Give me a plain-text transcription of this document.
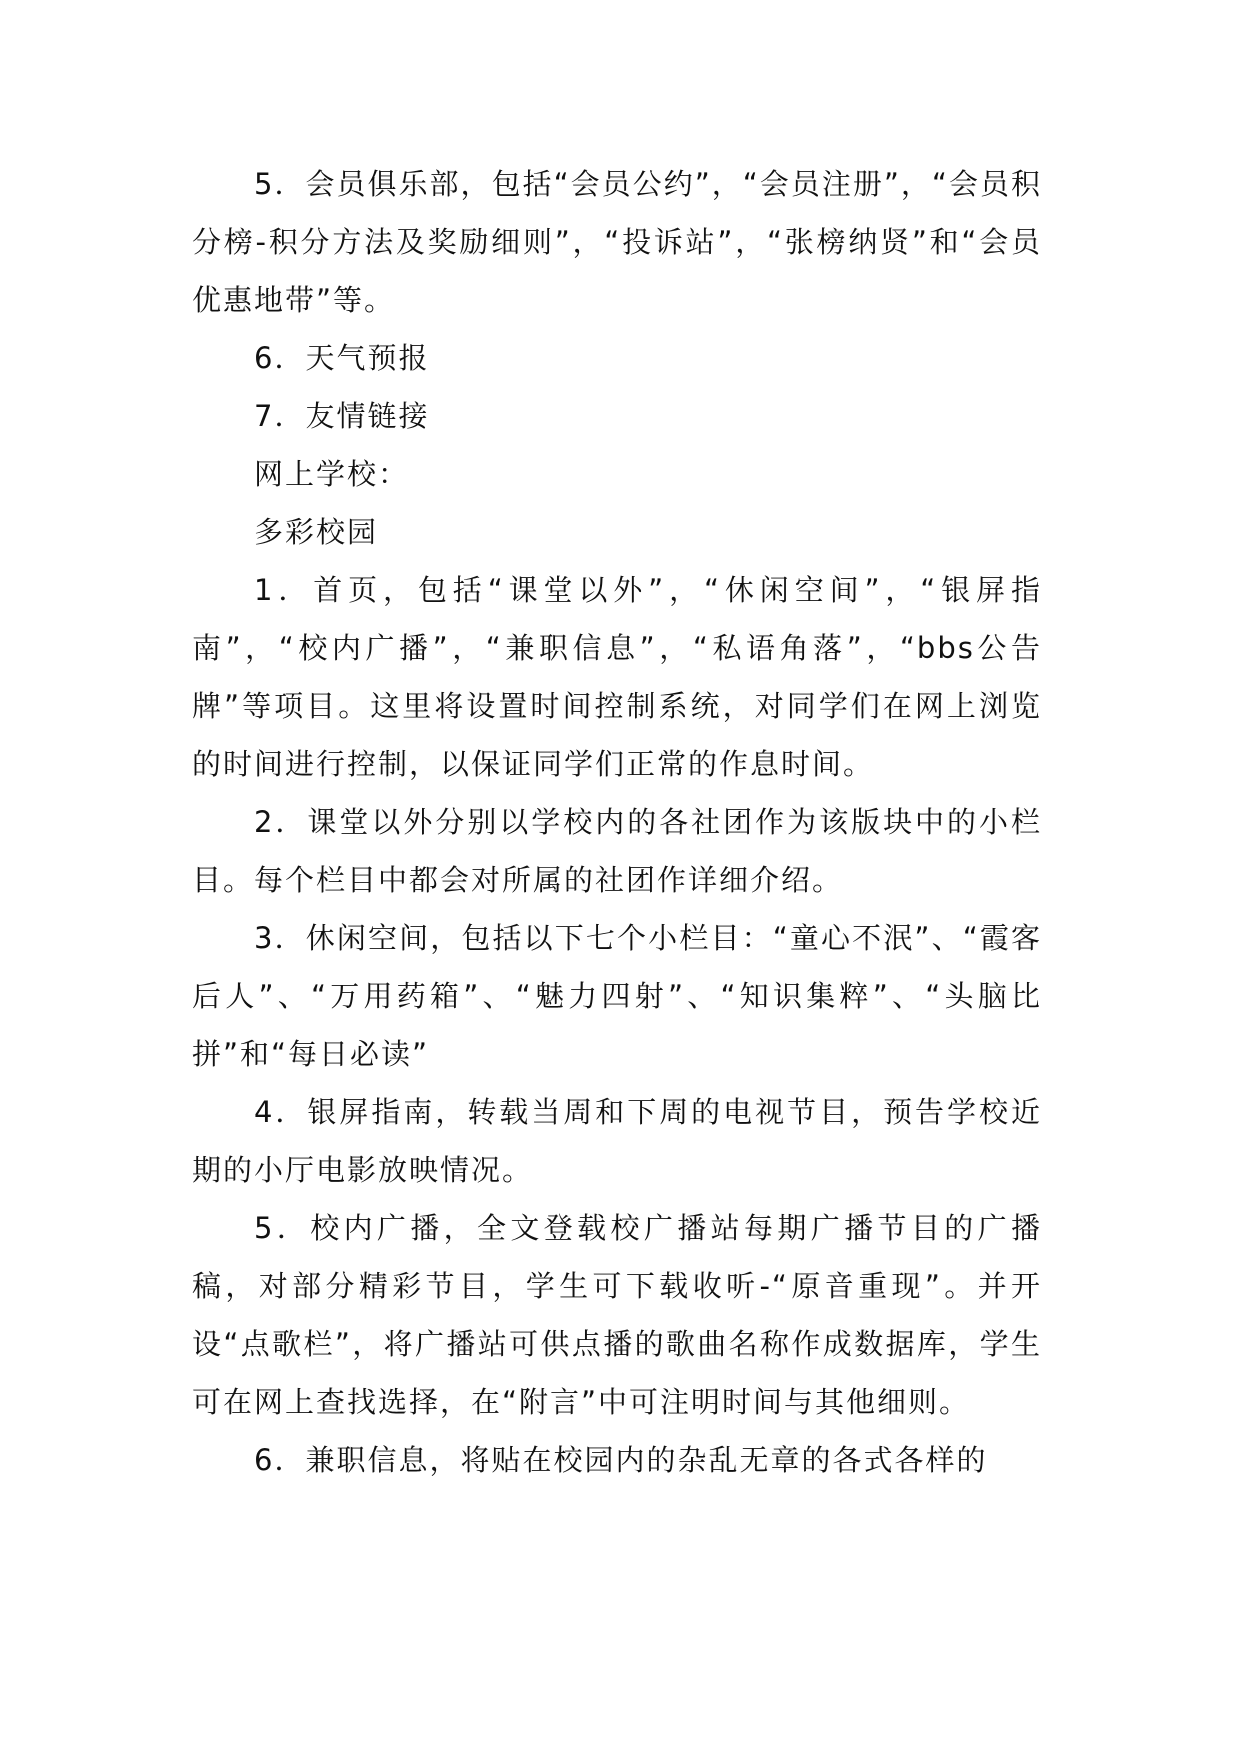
5．会员俱乐部，包括“会员公约”，“会员注册”，“会员积分榜-积分方法及奖励细则”，“投诉站”，“张榜纳贤”和“会员优惠地带”等。

6．天气预报

7．友情链接

网上学校：

多彩校园

1．首页，包括“课堂以外”，“休闲空间”，“银屏指南”，“校内广播”，“兼职信息”，“私语角落”，“bbs公告牌”等项目。这里将设置时间控制系统，对同学们在网上浏览的时间进行控制，以保证同学们正常的作息时间。

2．课堂以外分别以学校内的各社团作为该版块中的小栏目。每个栏目中都会对所属的社团作详细介绍。

3．休闲空间，包括以下七个小栏目：“童心不泯”、“霞客后人”、“万用药箱”、“魅力四射”、“知识集粹”、“头脑比拼”和“每日必读”

4．银屏指南，转载当周和下周的电视节目，预告学校近期的小厅电影放映情况。

5．校内广播，全文登载校广播站每期广播节目的广播稿，对部分精彩节目，学生可下载收听-“原音重现”。并开设“点歌栏”，将广播站可供点播的歌曲名称作成数据库，学生可在网上查找选择，在“附言”中可注明时间与其他细则。

6．兼职信息，将贴在校园内的杂乱无章的各式各样的
